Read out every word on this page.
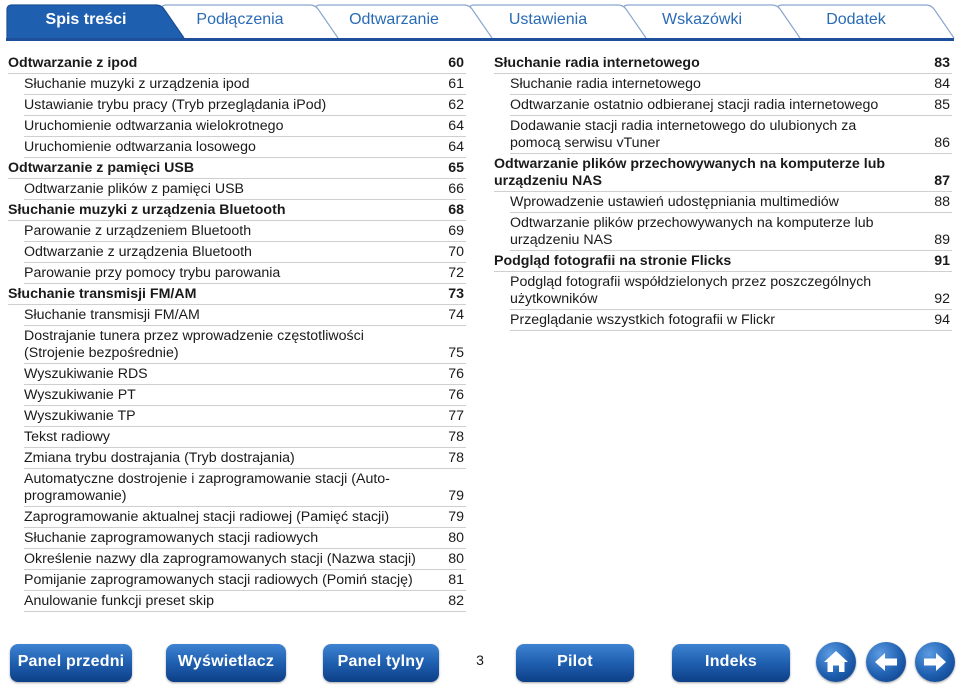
Spis treści	Podłączenia	Odtwarzanie	Ustawienia	Wskazówki	Dodatek
Odtwarzanie z ipod	60
Słuchanie muzyki z urządzenia ipod	61
Ustawianie trybu pracy (Tryb przeglądania iPod)	62
Uruchomienie odtwarzania wielokrotnego	64
Uruchomienie odtwarzania losowego	64
Odtwarzanie z pamięci USB	65
Odtwarzanie plików z pamięci USB	66
Słuchanie muzyki z urządzenia Bluetooth	68
Parowanie z urządzeniem Bluetooth	69
Odtwarzanie z urządzenia Bluetooth	70
Parowanie przy pomocy trybu parowania	72
Słuchanie transmisji FM/AM	73
Słuchanie transmisji FM/AM	74
Dostrajanie tunera przez wprowadzenie częstotliwości (Strojenie bezpośrednie)	75
Wyszukiwanie RDS	76
Wyszukiwanie PT	76
Wyszukiwanie TP	77
Tekst radiowy	78
Zmiana trybu dostrajania (Tryb dostrajania)	78
Automatyczne dostrojenie i zaprogramowanie stacji (Auto-programowanie)	79
Zaprogramowanie aktualnej stacji radiowej (Pamięć stacji)	79
Słuchanie zaprogramowanych stacji radiowych	80
Określenie nazwy dla zaprogramowanych stacji (Nazwa stacji)	80
Pomijanie zaprogramowanych stacji radiowych (Pomiń stację)	81
Anulowanie funkcji preset skip	82
Słuchanie radia internetowego	83
Słuchanie radia internetowego	84
Odtwarzanie ostatnio odbieranej stacji radia internetowego	85
Dodawanie stacji radia internetowego do ulubionych za pomocą serwisu vTuner	86
Odtwarzanie plików przechowywanych na komputerze lub urządzeniu NAS	87
Wprowadzenie ustawień udostępniania multimediów	88
Odtwarzanie plików przechowywanych na komputerze lub urządzeniu NAS	89
Podgląd fotografii na stronie Flicks	91
Podgląd fotografii współdzielonych przez poszczególnych użytkowników	92
Przeglądanie wszystkich fotografii w Flickr	94
Panel przedni	Wyświetlacz	Panel tylny	3	Pilot	Indeks
